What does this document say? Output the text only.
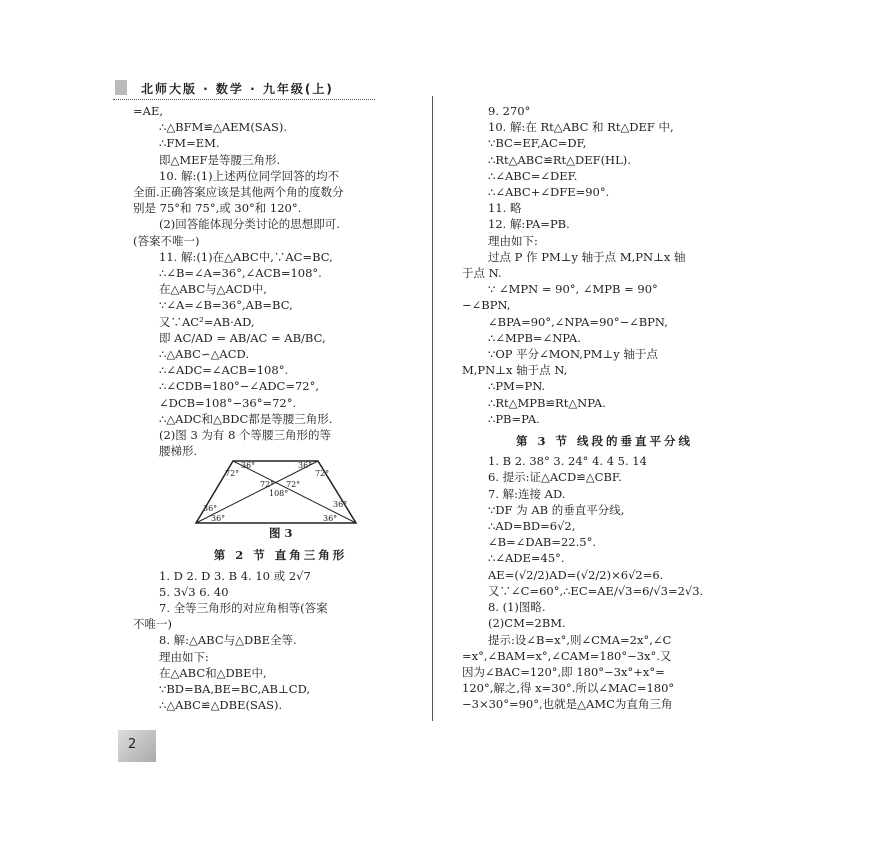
北师大版 · 数学 · 九年级(上)
=AE,
∴△BFM≌△AEM(SAS).
∴FM=EM.
即△MEF是等腰三角形.
10. 解:(1)上述两位同学回答的均不
全面.正确答案应该是其他两个角的度数分
别是 75°和 75°,或 30°和 120°.
(2)回答能体现分类讨论的思想即可.
(答案不唯一)
11. 解:(1)在△ABC中,∵AC=BC,
∴∠B=∠A=36°,∠ACB=108°.
在△ABC与△ACD中,
∵∠A=∠B=36°,AB=BC,
又∵AC²=AB·AD,
即 AC/AD = AB/AC = AB/BC,
∴△ABC∽△ACD.
∴∠ADC=∠ACB=108°.
∴∠CDB=180°−∠ADC=72°,
∠DCB=108°−36°=72°.
∴△ADC和△BDC都是等腰三角形.
(2)图 3 为有 8 个等腰三角形的等
腰梯形.
36°	36°
72°	72°
72° 72°
108°
36°
36°
36°
36°
图 3
第 2 节 直角三角形
1. D 2. D 3. B 4. 10 或 2√7
5. 3√3 6. 40
7. 全等三角形的对应角相等(答案
不唯一)
8. 解:△ABC与△DBE全等.
理由如下:
在△ABC和△DBE中,
∵BD=BA,BE=BC,AB⊥CD,
∴△ABC≌△DBE(SAS).
9. 270°
10. 解:在 Rt△ABC 和 Rt△DEF 中,
∵BC=EF,AC=DF,
∴Rt△ABC≌Rt△DEF(HL).
∴∠ABC=∠DEF.
∴∠ABC+∠DFE=90°.
11. 略
12. 解:PA=PB.
理由如下:
过点 P 作 PM⊥y 轴于点 M,PN⊥x 轴
于点 N.
∵ ∠MPN = 90°, ∠MPB = 90°
−∠BPN,
∠BPA=90°,∠NPA=90°−∠BPN,
∴∠MPB=∠NPA.
∵OP 平分∠MON,PM⊥y 轴于点
M,PN⊥x 轴于点 N,
∴PM=PN.
∴Rt△MPB≌Rt△NPA.
∴PB=PA.
第 3 节 线段的垂直平分线
1. B 2. 38° 3. 24° 4. 4 5. 14
6. 提示:证△ACD≌△CBF.
7. 解:连接 AD.
∵DF 为 AB 的垂直平分线,
∴AD=BD=6√2,
∠B=∠DAB=22.5°.
∴∠ADE=45°.
AE=(√2/2)AD=(√2/2)×6√2=6.
又∵∠C=60°,∴EC=AE/√3=6/√3=2√3.
8. (1)图略.
(2)CM=2BM.
提示:设∠B=x°,则∠CMA=2x°,∠C
=x°,∠BAM=x°,∠CAM=180°−3x°.又
因为∠BAC=120°,即 180°−3x°+x°=
120°,解之,得 x=30°.所以∠MAC=180°
−3×30°=90°,也就是△AMC为直角三角
2
